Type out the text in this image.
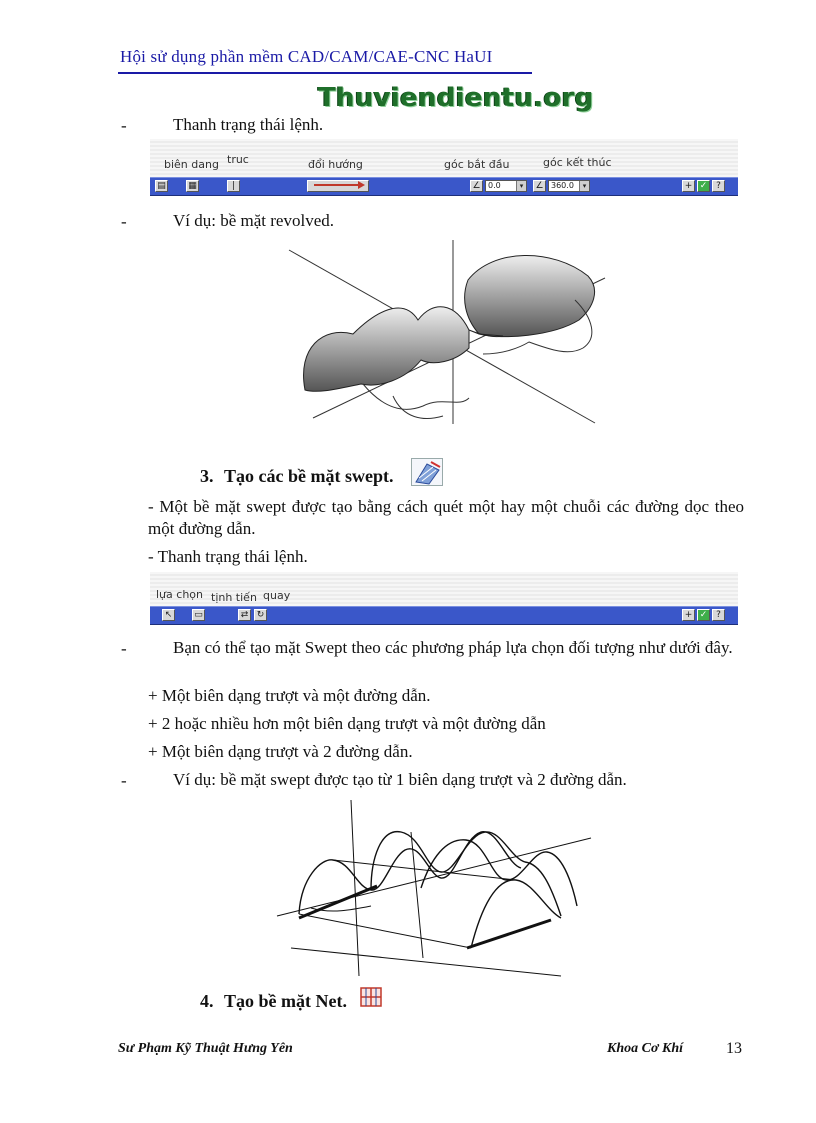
Hội sử dụng phần mềm CAD/CAM/CAE-CNC HaUI
Thuviendientu.org
-	Thanh trạng thái lệnh.
biên dang truc	đổi hướng	góc bắt đầu	góc kết thúc
▤ ▦	|	∠ 0.0	▾	∠ 360.0	▾	+ ✓ ?
-	Ví dụ: bề mặt revolved.
3. Tạo các bề mặt swept.
- Một bề mặt swept được tạo bằng cách quét một hay một chuỗi các đường dọc theo một đường dẫn.
- Thanh trạng thái lệnh.
lựa chọn tịnh tiến quay
↖	▭	⇄ ↻	+ ✓ ?
-	Bạn có thể tạo mặt Swept theo các phương pháp lựa chọn đối tượng như dưới đây.
+ Một biên dạng trượt và một đường dẫn.
+ 2 hoặc nhiều hơn một biên dạng trượt và một đường dẫn
+ Một biên dạng trượt và 2 đường dẫn.
-	Ví dụ: bề mặt swept được tạo từ 1 biên dạng trượt và 2 đường dẫn.
4. Tạo bề mặt Net.
Sư Phạm Kỹ Thuật Hưng Yên	Khoa Cơ Khí	13
